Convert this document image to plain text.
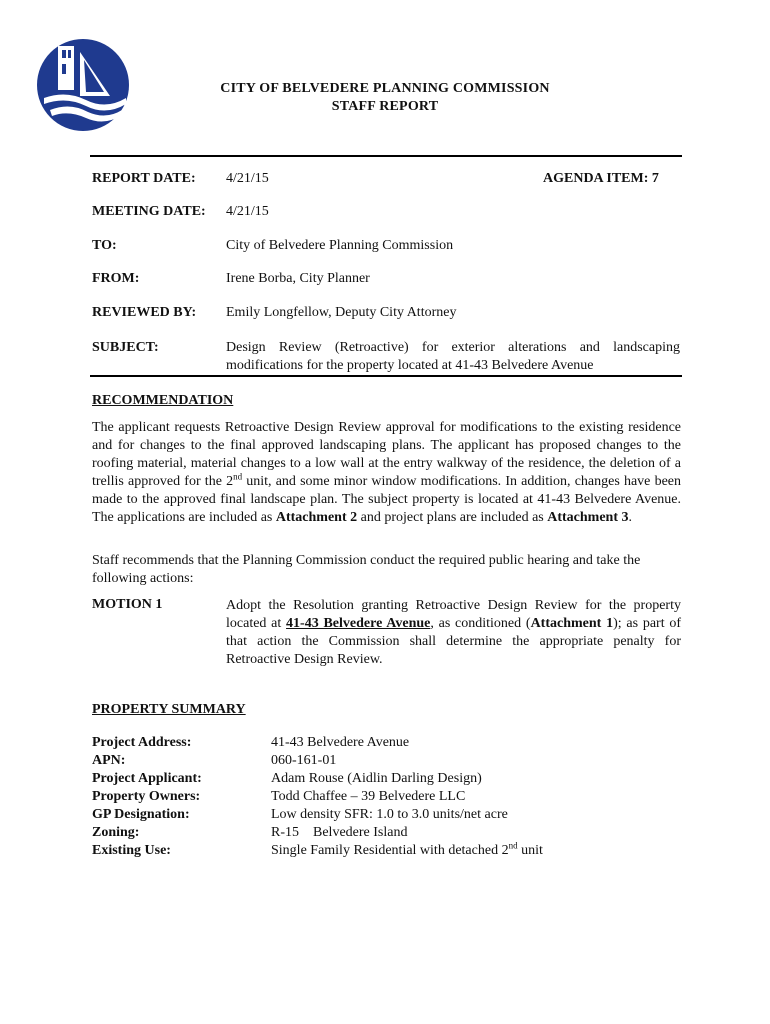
CITY OF BELVEDERE PLANNING COMMISSION
STAFF REPORT
REPORT DATE: 4/21/15	AGENDA ITEM: 7
MEETING DATE: 4/21/15
TO:	City of Belvedere Planning Commission
FROM:	Irene Borba, City Planner
REVIEWED BY: Emily Longfellow, Deputy City Attorney
SUBJECT:	Design Review (Retroactive) for exterior alterations and landscaping
modifications for the property located at 41-43 Belvedere Avenue
RECOMMENDATION
The applicant requests Retroactive Design Review approval for modifications to the existing residence and for changes to the final approved landscaping plans. The applicant has proposed changes to the roofing material, material changes to a low wall at the entry walkway of the residence, the deletion of a trellis approved for the 2nd unit, and some minor window modifications. In addition, changes have been made to the approved final landscape plan. The subject property is located at 41-43 Belvedere Avenue. The applications are included as Attachment 2 and project plans are included as Attachment 3.
Staff recommends that the Planning Commission conduct the required public hearing and take the following actions:
MOTION 1	Adopt the Resolution granting Retroactive Design Review for the property located at 41-43 Belvedere Avenue, as conditioned (Attachment 1); as part of that action the Commission shall determine the appropriate penalty for Retroactive Design Review.
PROPERTY SUMMARY
Project Address:	41-43 Belvedere Avenue
APN:	060-161-01
Project Applicant:	Adam Rouse (Aidlin Darling Design)
Property Owners:	Todd Chaffee – 39 Belvedere LLC
GP Designation:	Low density SFR: 1.0 to 3.0 units/net acre
Zoning:	R-15    Belvedere Island
Existing Use:	Single Family Residential with detached 2nd unit
